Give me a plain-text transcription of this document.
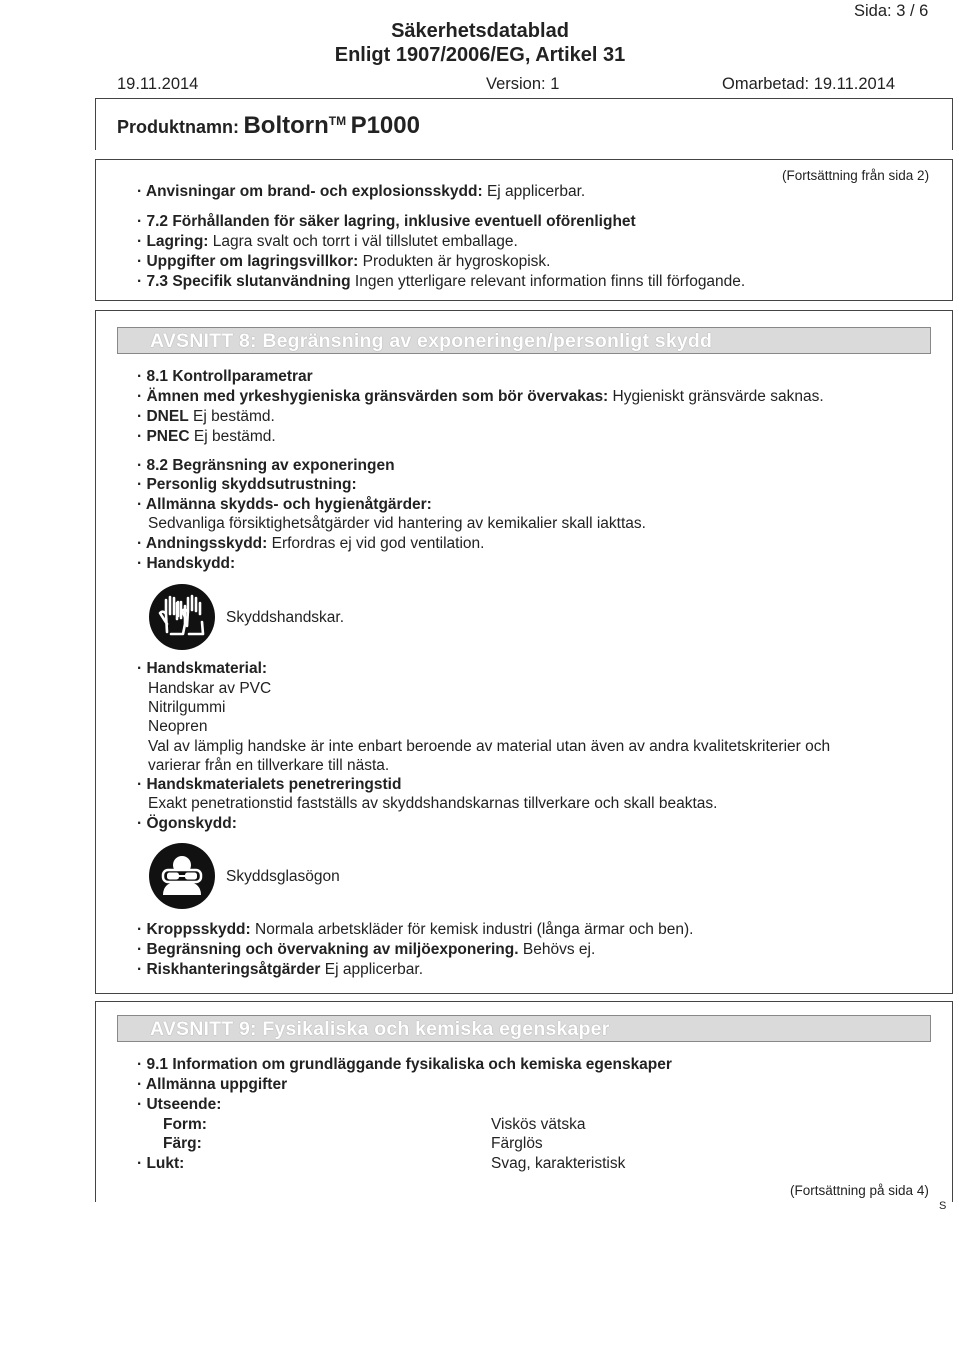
Sida: 3 / 6
Säkerhetsdatablad
Enligt 1907/2006/EG, Artikel 31
19.11.2014	Version: 1	Omarbetad: 19.11.2014
Produktnamn: Boltorn™ P1000
(Fortsättning från sida 2)
· Anvisningar om brand- och explosionsskydd: Ej applicerbar.
· 7.2 Förhållanden för säker lagring, inklusive eventuell oförenlighet
· Lagring: Lagra svalt och torrt i väl tillslutet emballage.
· Uppgifter om lagringsvillkor: Produkten är hygroskopisk.
· 7.3 Specifik slutanvändning Ingen ytterligare relevant information finns till förfogande.
AVSNITT 8: Begränsning av exponeringen/personligt skydd
· 8.1 Kontrollparametrar
· Ämnen med yrkeshygieniska gränsvärden som bör övervakas: Hygieniskt gränsvärde saknas.
· DNEL Ej bestämd.
· PNEC Ej bestämd.
· 8.2 Begränsning av exponeringen
· Personlig skyddsutrustning:
· Allmänna skydds- och hygienåtgärder:
Sedvanliga försiktighetsåtgärder vid hantering av kemikalier skall iakttas.
· Andningsskydd: Erfordras ej vid god ventilation.
· Handskydd:
Skyddshandskar.
· Handskmaterial:
Handskar av PVC
Nitrilgummi
Neopren
Val av lämplig handske är inte enbart beroende av material utan även av andra kvalitetskriterier och
varierar från en tillverkare till nästa.
· Handskmaterialets penetreringstid
Exakt penetrationstid fastställs av skyddshandskarnas tillverkare och skall beaktas.
· Ögonskydd:
Skyddsglasögon
· Kroppsskydd: Normala arbetskläder för kemisk industri (långa ärmar och ben).
· Begränsning och övervakning av miljöexponering. Behövs ej.
· Riskhanteringsåtgärder Ej applicerbar.
AVSNITT 9: Fysikaliska och kemiska egenskaper
· 9.1 Information om grundläggande fysikaliska och kemiska egenskaper
· Allmänna uppgifter
· Utseende:
Form:	Viskös vätska
Färg:	Färglös
· Lukt:	Svag, karakteristisk
(Fortsättning på sida 4)
S
